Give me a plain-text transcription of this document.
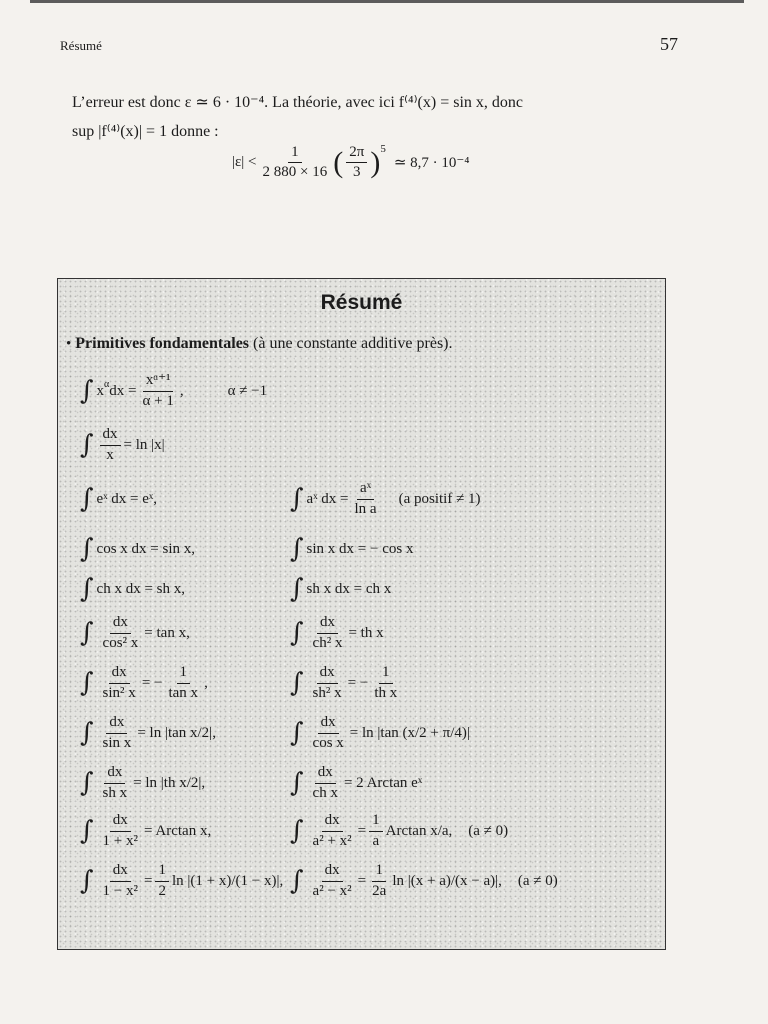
Résumé	57
L’erreur est donc ε ≃ 6 · 10⁻⁴. La théorie, avec ici f⁽⁴⁾(x) = sin x, donc
sup |f⁽⁴⁾(x)| = 1 donne :
$|\varepsilon| < \frac{1}{2 880 \times 16}$ ( $\frac{2\pi}{3} )^5$
≃ 8,7 · 10⁻⁴
Résumé
• Primitives fondamentales (à une constante additive près).
∫ x α dx = $\frac{\text{xᵅ⁺¹}}{\alpha + 1}$ ,	α ≠ −1
∫ $\frac{dx}{x} = \ln |x|$
∫ eˣ dx = eˣ,	∫ aˣ dx = $\frac{\text{aˣ}}{\text{ln a}} (a$ positif ≠ 1)
∫ cos x dx = sin x,	∫ sin x dx = − cos x
∫ ch x dx = sh x,	∫ sh x dx = ch x
∫ $\frac{dx}{\text{cos² x}} = \tan x$,	∫ $\frac{dx}{\text{ch² x}}$ = th x
∫ $\frac{dx}{\text{sin² x}}$ = − $\frac{1}{\text{tan x}}$ ,	∫ $\frac{dx}{\text{sh² x}}$ = − $\frac{1}{\text{th x}}$
∫ $\frac{dx}{\text{sin x}} = \ln |\tan$ x/2|,	∫ $\frac{dx}{\text{cos x}} = \ln |\tan$ (x/2 + π/4)|
∫ $\frac{dx}{\text{sh x}} = \ln |th$ x/2|,	∫ $\frac{dx}{\text{ch x}} = 2$ Arctan eˣ
∫ $\frac{dx}{\text{1 + x²}} = Arctan$ x,	∫ $\frac{dx}{\text{a² + x²}} = \frac{1}{a}$ Arctan x/a, (a ≠ 0)
∫ $\frac{dx}{\text{1 − x²}} = \frac{1}{2}$ ln |(1 + x)/(1 − x)|, ∫ $\frac{dx}{\text{a² − x²}} = \frac{1}{2a}$ ln |(x + a)/(x − a)|, (a ≠ 0)
